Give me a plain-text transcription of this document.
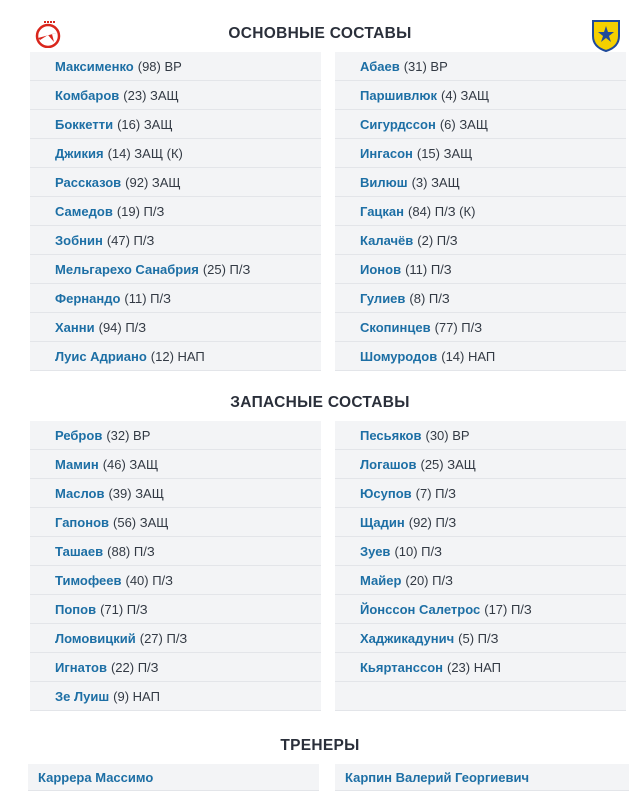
ОСНОВНЫЕ СОСТАВЫ
Максименко (98) ВР
Комбаров (23) ЗАЩ
Боккетти (16) ЗАЩ
Джикия (14) ЗАЩ (К)
Рассказов (92) ЗАЩ
Самедов (19) П/З
Зобнин (47) П/З
Мельгарехо Санабрия (25) П/З
Фернандо (11) П/З
Ханни (94) П/З
Луис Адриано (12) НАП
Абаев (31) ВР
Паршивлюк (4) ЗАЩ
Сигурдссон (6) ЗАЩ
Ингасон (15) ЗАЩ
Вилюш (3) ЗАЩ
Гацкан (84) П/З (К)
Калачёв (2) П/З
Ионов (11) П/З
Гулиев (8) П/З
Скопинцев (77) П/З
Шомуродов (14) НАП
ЗАПАСНЫЕ СОСТАВЫ
Ребров (32) ВР
Мамин (46) ЗАЩ
Маслов (39) ЗАЩ
Гапонов (56) ЗАЩ
Ташаев (88) П/З
Тимофеев (40) П/З
Попов (71) П/З
Ломовицкий (27) П/З
Игнатов (22) П/З
Зе Луиш (9) НАП
Песьяков (30) ВР
Логашов (25) ЗАЩ
Юсупов (7) П/З
Щадин (92) П/З
Зуев (10) П/З
Майер (20) П/З
Йонссон Салетрос (17) П/З
Хаджикадунич (5) П/З
Кьяртанссон (23) НАП
ТРЕНЕРЫ
Каррера Массимо	Карпин Валерий Георгиевич
